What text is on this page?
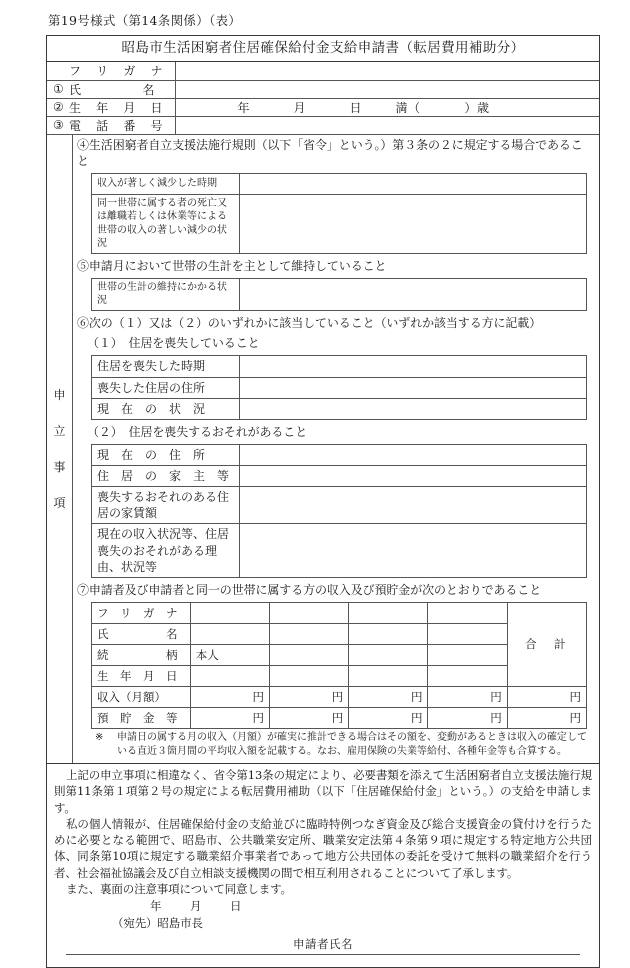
第19号様式（第14条関係）（表）
昭島市生活困窮者住居確保給付金支給申請書（転居費用補助分）
フ リ ガ ナ	

① 氏 名	

② 生 年 月 日	年 月 日 満（ ）歳

③ 電 話 番 号	

申
立
事
項
④生活困窮者自立支援法施行規則（以下「省令」という。）第３条の２に規定する場合であること
収入が著しく減少した時期	
同一世帯に属する者の死亡又は離職若しくは休業等による世帯の収入の著しい減少の状況	
⑤申請月において世帯の生計を主として維持していること
世帯の生計の維持にかかる状況	
⑥次の（１）又は（２）のいずれかに該当していること（いずれか該当する方に記載）
（１）　住居を喪失していること
住居を喪失した時期	
喪失した住居の住所	
現　在　の　状　況	
（２）　住居を喪失するおそれがあること
現　在　の　住　所	
住　居　の　家　主　等	
喪失するおそれのある住居の家賃額	
現在の収入状況等、住居喪失のおそれがある理由、状況等	
⑦申請者及び申請者と同一の世帯に属する方の収入及び預貯金が次のとおりであること
フ　リ　ガ　ナ					合　計
氏　　　　　名					
続　　　　　柄	本人				
生　年　月　日					
収入（月額）	円	円	円	円	円
預　貯　金　等	円	円	円	円	円
※	申請日の属する月の収入（月額）が確実に推計できる場合はその額を、変動があるときは収入の確定している直近３箇月間の平均収入額を記載する。なお、雇用保険の失業等給付、各種年金等も合算する。

上記の申立事項に相違なく、省令第13条の規定により、必要書類を添えて生活困窮者自立支援法施行規則第11条第１項第２号の規定による転居費用補助（以下「住居確保給付金」という。）の支給を申請します。

私の個人情報が、住居確保給付金の支給並びに臨時特例つなぎ資金及び総合支援資金の貸付けを行うために必要となる範囲で、昭島市、公共職業安定所、職業安定法第４条第９項に規定する特定地方公共団体、同条第10項に規定する職業紹介事業者であって地方公共団体の委託を受けて無料の職業紹介を行う者、社会福祉協議会及び自立相談支援機関の間で相互利用されることについて了承します。

また、裏面の注意事項について同意します。

年 月 日
（宛先）昭島市長
申請者氏名
